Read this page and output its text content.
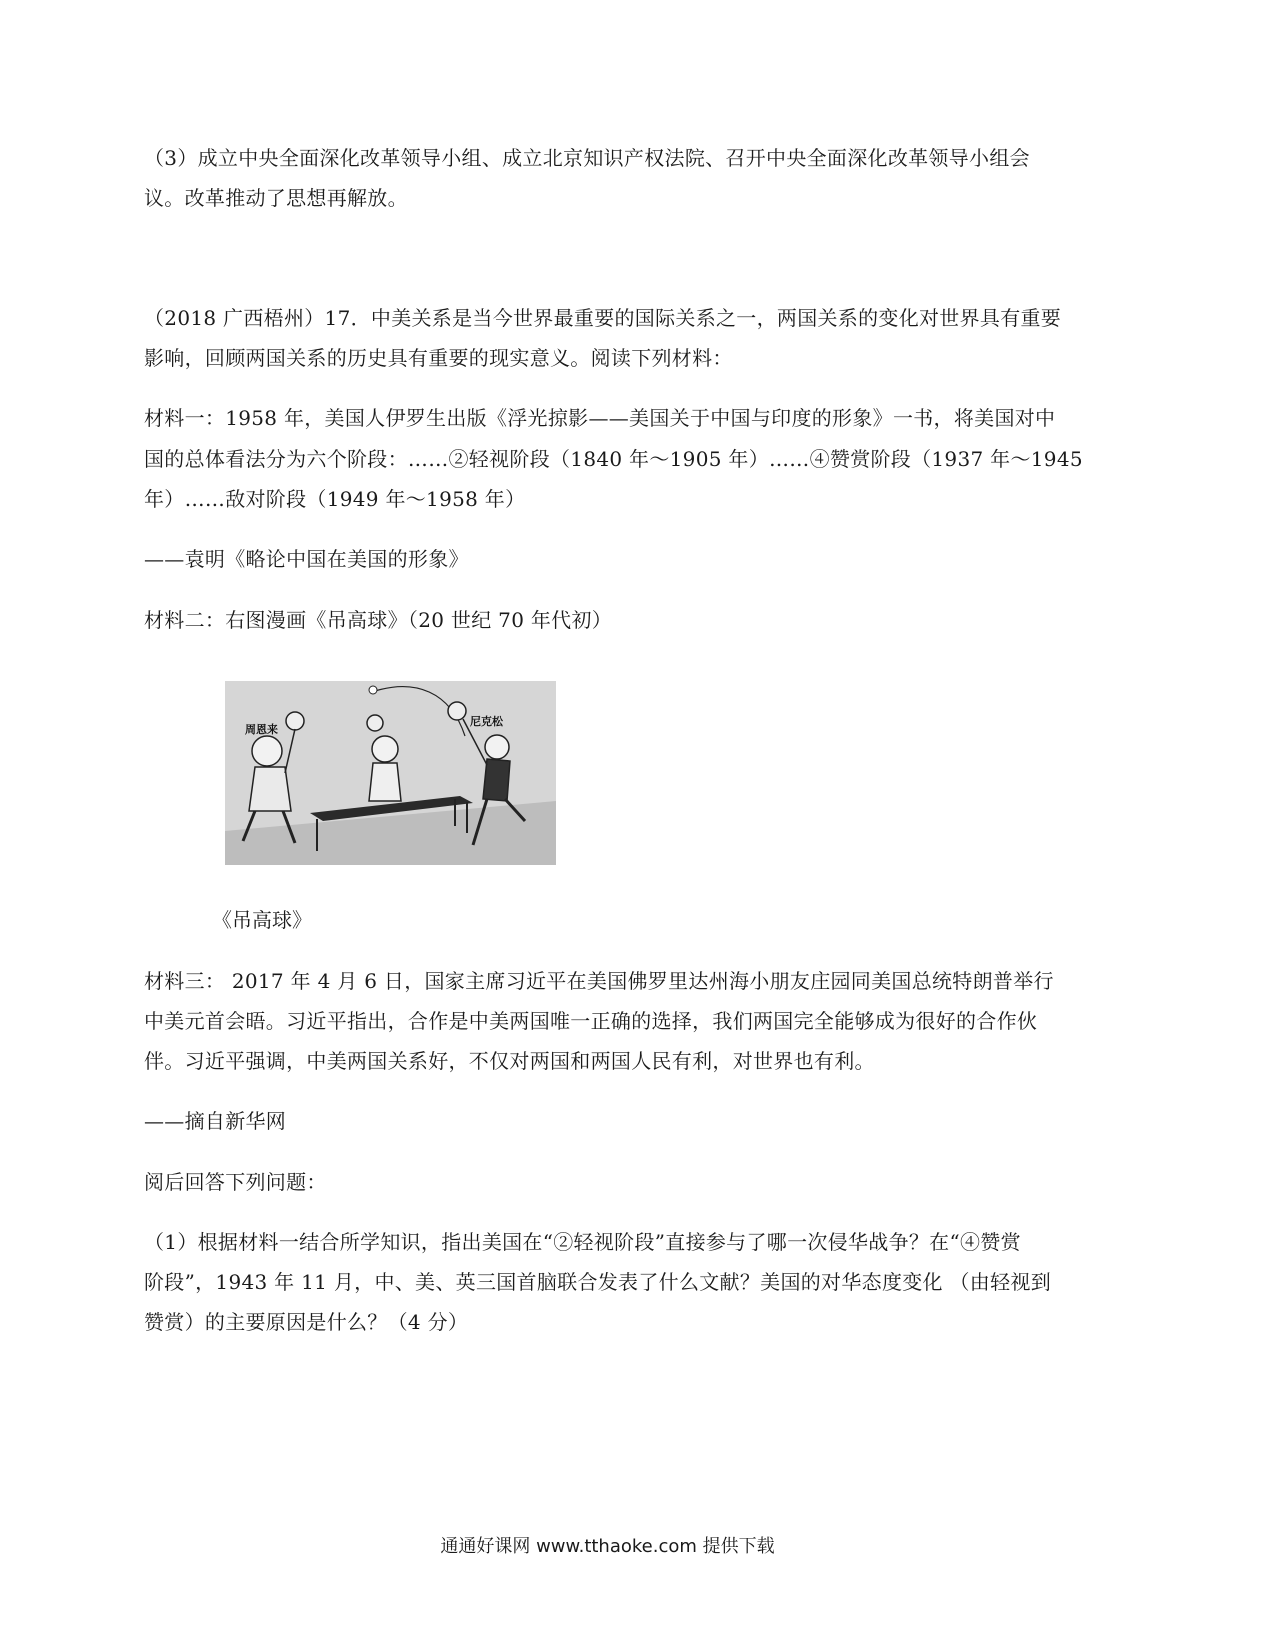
（3）成立中央全面深化改革领导小组、成立北京知识产权法院、召开中央全面深化改革领导小组会
议。改革推动了思想再解放。
（2018 广西梧州）17．中美关系是当今世界最重要的国际关系之一，两国关系的变化对世界具有重要
影响，回顾两国关系的历史具有重要的现实意义。阅读下列材料：
材料一：1958 年，美国人伊罗生出版《浮光掠影——美国关于中国与印度的形象》一书，将美国对中
国的总体看法分为六个阶段：……②轻视阶段（1840 年～1905 年）……④赞赏阶段（1937 年～1945
年）……敌对阶段（1949 年～1958 年）
——袁明《略论中国在美国的形象》
材料二：右图漫画《吊高球》（20 世纪 70 年代初）
周恩来
尼克松
《吊高球》
材料三： 2017 年 4 月 6 日，国家主席习近平在美国佛罗里达州海小朋友庄园同美国总统特朗普举行
中美元首会晤。习近平指出，合作是中美两国唯一正确的选择，我们两国完全能够成为很好的合作伙
伴。习近平强调，中美两国关系好，不仅对两国和两国人民有利，对世界也有利。
——摘自新华网
阅后回答下列问题：
（1）根据材料一结合所学知识，指出美国在“②轻视阶段”直接参与了哪一次侵华战争？在“④赞赏
阶段”，1943 年 11 月，中、美、英三国首脑联合发表了什么文献？美国的对华态度变化 （由轻视到
赞赏）的主要原因是什么？（4 分）
通通好课网 www.tthaoke.com 提供下载
